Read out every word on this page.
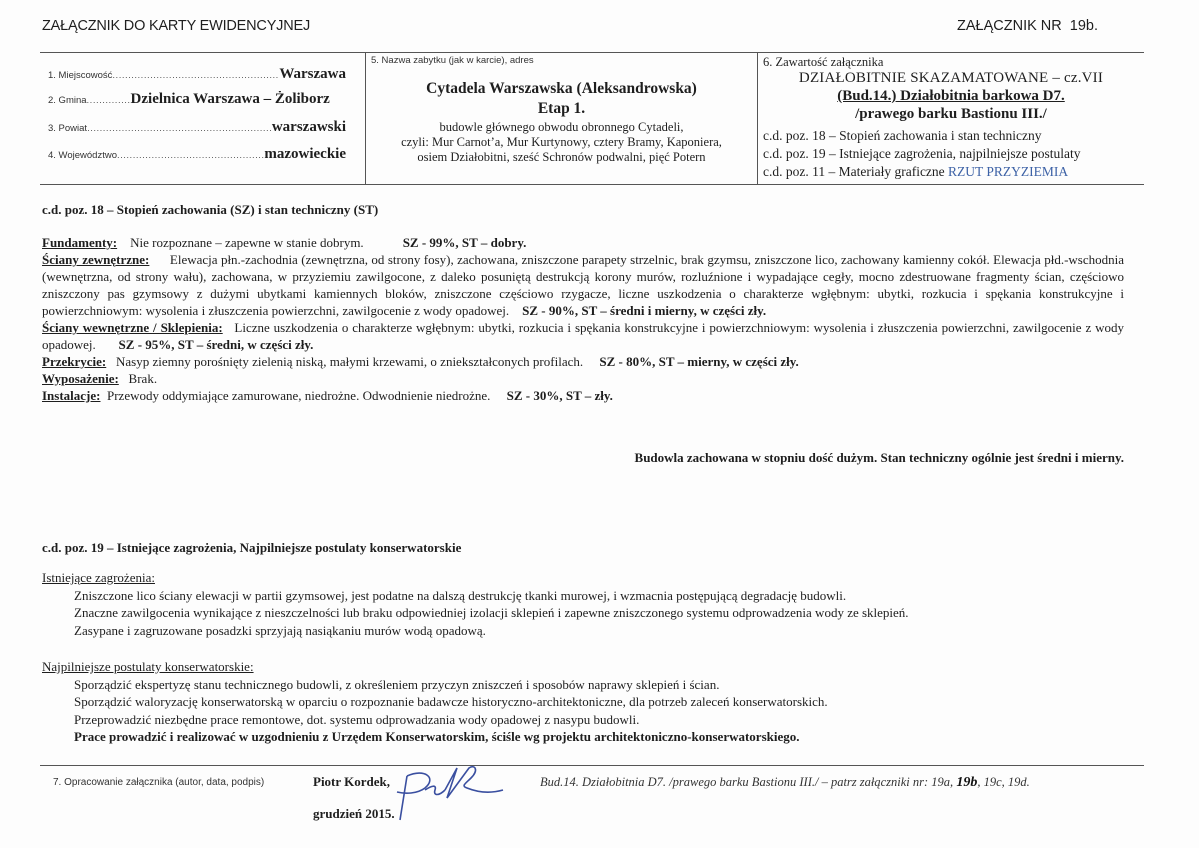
ZAŁĄCZNIK DO KARTY EWIDENCYJNEJ	ZAŁĄCZNIK NR 19b.
1. Miejscowość .....	Warszawa
2. Gmina .....	Dzielnica Warszawa – Żoliborz
3. Powiat .....	warszawski
4. Województwo .....	mazowieckie
5. Nazwa zabytku (jak w karcie), adres
Cytadela Warszawska (Aleksandrowska)
Etap 1.
budowle głównego obwodu obronnego Cytadeli,
czyli: Mur Carnot’a, Mur Kurtynowy, cztery Bramy, Kaponiera,
osiem Działobitni, sześć Schronów podwalni, pięć Potern
6. Zawartość załącznika
DZIAŁOBITNIE SKAZAMATOWANE – cz.VII
(Bud.14.) Działobitnia barkowa D7.
/prawego barku Bastionu III./
c.d. poz. 18 – Stopień zachowania i stan techniczny
c.d. poz. 19 – Istniejące zagrożenia, najpilniejsze postulaty
c.d. poz. 11 – Materiały graficzne RZUT PRZYZIEMIA
c.d. poz. 18 – Stopień zachowania (SZ) i stan techniczny (ST)
Fundamenty: Nie rozpoznane – zapewne w stanie dobrym.	SZ - 99%, ST – dobry.
Ściany zewnętrzne: Elewacja płn.-zachodnia (zewnętrzna, od strony fosy), zachowana, zniszczone parapety strzelnic, brak gzymsu, zniszczone lico, zachowany kamienny cokół. Elewacja płd.-wschodnia (wewnętrzna, od strony wału), zachowana, w przyziemiu zawilgocone, z daleko posuniętą destrukcją korony murów, rozluźnione i wypadające cegły, mocno zdestruowane fragmenty ścian, częściowo zniszczony pas gzymsowy z dużymi ubytkami kamiennych bloków, zniszczone częściowo rzygacze, liczne uszkodzenia o charakterze wgłębnym: ubytki, rozkucia i spękania konstrukcyjne i powierzchniowym: wysolenia i złuszczenia powierzchni, zawilgocenie z wody opadowej. SZ - 90%, ST – średni i mierny, w części zły.
Ściany wewnętrzne / Sklepienia: Liczne uszkodzenia o charakterze wgłębnym: ubytki, rozkucia i spękania konstrukcyjne i powierzchniowym: wysolenia i złuszczenia powierzchni, zawilgocenie z wody opadowej. SZ - 95%, ST – średni, w części zły.
Przekrycie: Nasyp ziemny porośnięty zielenią niską, małymi krzewami, o zniekształconych profilach. SZ - 80%, ST – mierny, w części zły.
Wyposażenie: Brak.
Instalacje: Przewody oddymiające zamurowane, niedrożne. Odwodnienie niedrożne. SZ - 30%, ST – zły.
Budowla zachowana w stopniu dość dużym. Stan techniczny ogólnie jest średni i mierny.
c.d. poz. 19 – Istniejące zagrożenia, Najpilniejsze postulaty konserwatorskie
Istniejące zagrożenia:
Zniszczone lico ściany elewacji w partii gzymsowej, jest podatne na dalszą destrukcję tkanki murowej, i wzmacnia postępującą degradację budowli.
Znaczne zawilgocenia wynikające z nieszczelności lub braku odpowiedniej izolacji sklepień i zapewne zniszczonego systemu odprowadzenia wody ze sklepień.
Zasypane i zagruzowane posadzki sprzyjają nasiąkaniu murów wodą opadową.
Najpilniejsze postulaty konserwatorskie:
Sporządzić ekspertyzę stanu technicznego budowli, z określeniem przyczyn zniszczeń i sposobów naprawy sklepień i ścian.
Sporządzić waloryzację konserwatorską w oparciu o rozpoznanie badawcze historyczno-architektoniczne, dla potrzeb zaleceń konserwatorskich.
Przeprowadzić niezbędne prace remontowe, dot. systemu odprowadzania wody opadowej z nasypu budowli.
Prace prowadzić i realizować w uzgodnieniu z Urzędem Konserwatorskim, ściśle wg projektu architektoniczno-konserwatorskiego.
7. Opracowanie załącznika (autor, data, podpis)	Piotr Kordek,
grudzień 2015.
Bud.14. Działobitnia D7. /prawego barku Bastionu III./ – patrz załączniki nr: 19a, 19b, 19c, 19d.
